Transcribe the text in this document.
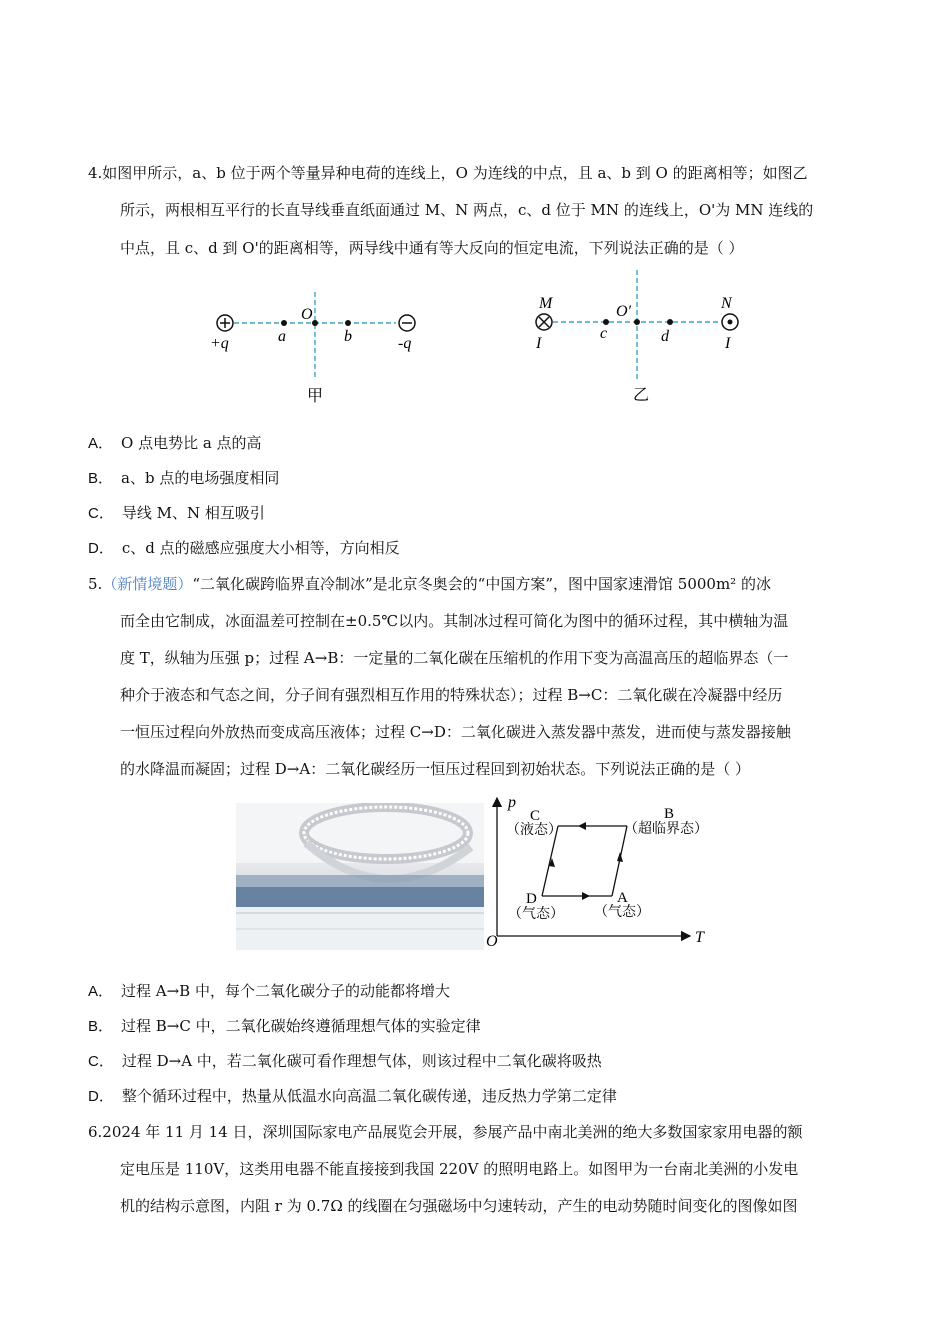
4.如图甲所示，a、b 位于两个等量异种电荷的连线上，O 为连线的中点，且 a、b 到 O 的距离相等；如图乙
所示，两根相互平行的长直导线垂直纸面通过 M、N 两点，c、d 位于 MN 的连线上，O'为 MN 连线的
中点，且 c、d 到 O'的距离相等，两导线中通有等大反向的恒定电流，下列说法正确的是（ ）
+q	-q
a
O
b
甲
M	N
O′
c	d
I	I
乙
A． O 点电势比 a 点的高
B． a、b 点的电场强度相同
C． 导线 M、N 相互吸引
D． c、d 点的磁感应强度大小相等，方向相反
5.（新情境题）“二氧化碳跨临界直冷制冰”是北京冬奥会的“中国方案”，图中国家速滑馆 5000m² 的冰
而全由它制成，冰面温差可控制在±0.5℃以内。其制冰过程可简化为图中的循环过程，其中横轴为温
度 T，纵轴为压强 p；过程 A→B：一定量的二氧化碳在压缩机的作用下变为高温高压的超临界态（一
种介于液态和气态之间，分子间有强烈相互作用的特殊状态）；过程 B→C：二氧化碳在冷凝器中经历
一恒压过程向外放热而变成高压液体；过程 C→D：二氧化碳进入蒸发器中蒸发，进而使与蒸发器接触
的水降温而凝固；过程 D→A：二氧化碳经历一恒压过程回到初始状态。下列说法正确的是（ ）
p
T
O
C
（液态）
B
（超临界态）
D
（气态）
A
（气态）
A． 过程 A→B 中，每个二氧化碳分子的动能都将增大
B． 过程 B→C 中，二氧化碳始终遵循理想气体的实验定律
C． 过程 D→A 中，若二氧化碳可看作理想气体，则该过程中二氧化碳将吸热
D． 整个循环过程中，热量从低温水向高温二氧化碳传递，违反热力学第二定律
6.2024 年 11 月 14 日，深圳国际家电产品展览会开展，参展产品中南北美洲的绝大多数国家家用电器的额
定电压是 110V，这类用电器不能直接接到我国 220V 的照明电路上。如图甲为一台南北美洲的小发电
机的结构示意图，内阻 r 为 0.7Ω 的线圈在匀强磁场中匀速转动，产生的电动势随时间变化的图像如图
